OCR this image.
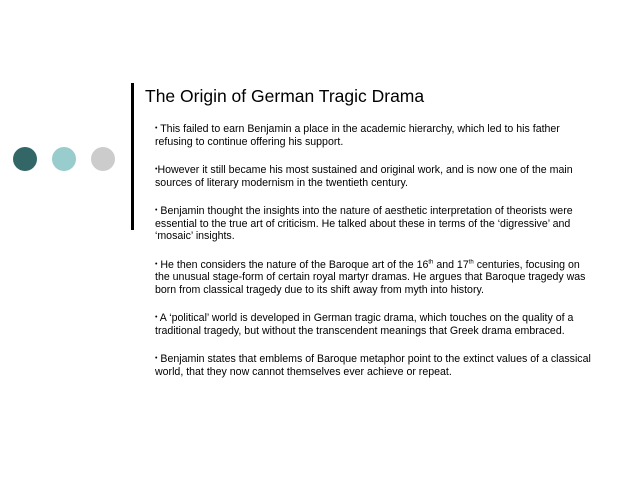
The Origin of German Tragic Drama
• This failed to earn Benjamin a place in the academic hierarchy, which led to his father refusing to continue offering his support.
•However it still became his most sustained and original work, and is now one of the main sources of literary modernism in the twentieth century.
• Benjamin thought the insights into the nature of aesthetic interpretation of theorists were essential to the true art of criticism. He talked about these in terms of the ‘digressive’ and ‘mosaic’ insights.
• He then considers the nature of the Baroque art of the 16th and 17th centuries, focusing on the unusual stage-form of certain royal martyr dramas. He argues that Baroque tragedy was born from classical tragedy due to its shift away from myth into history.
• A ‘political’ world is developed in German tragic drama, which touches on the quality of a traditional tragedy, but without the transcendent meanings that Greek drama embraced.
• Benjamin states that emblems of Baroque metaphor point to the extinct values of a classical world, that they now cannot themselves ever achieve or repeat.
